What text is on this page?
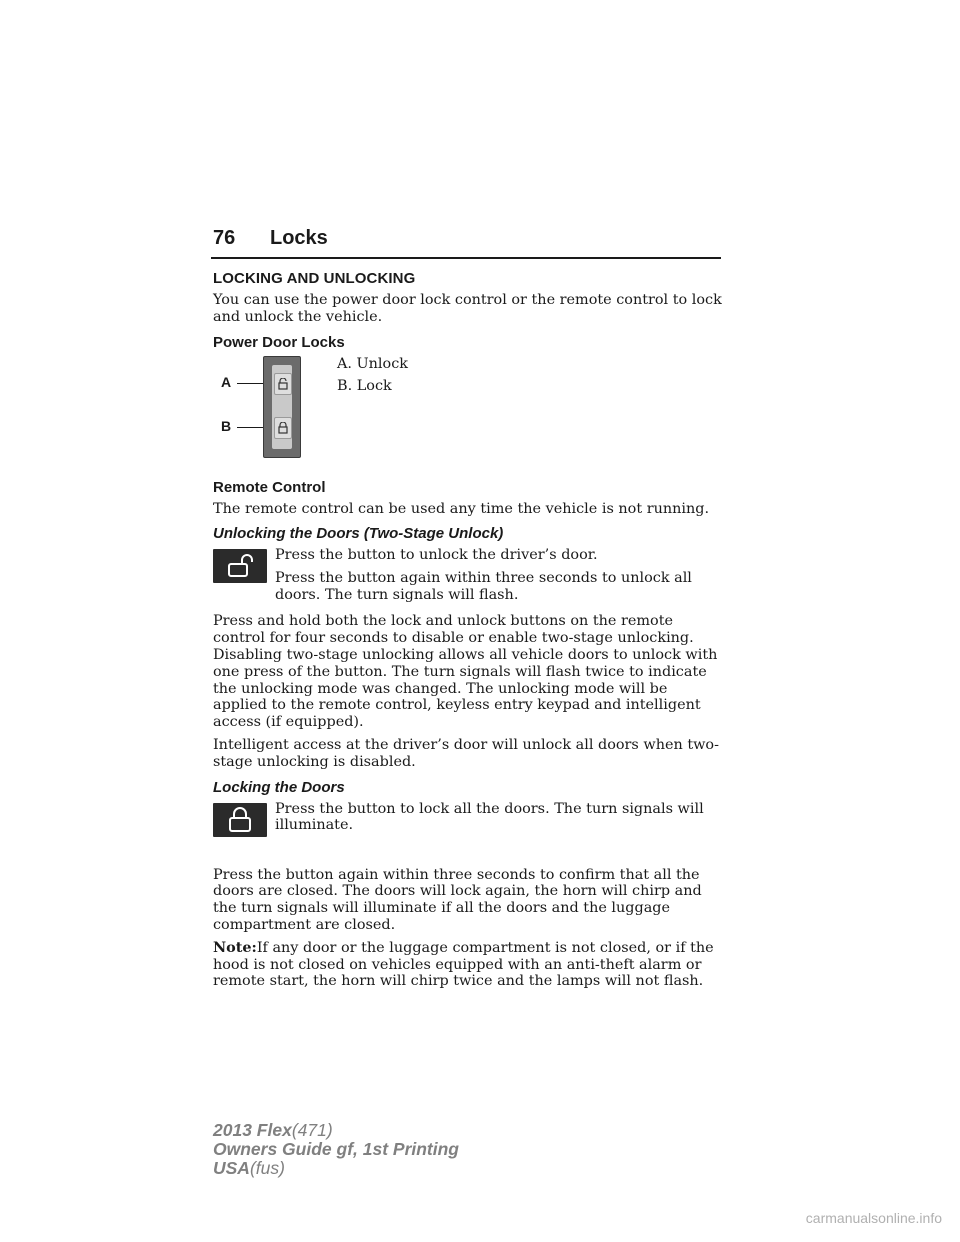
76 Locks
LOCKING AND UNLOCKING

You can use the power door lock control or the remote control to lock and unlock the vehicle.

Power Door Locks
A
B

A. Unlock

B. Lock

Remote Control

The remote control can be used any time the vehicle is not running.

Unlocking the Doors (Two-Stage Unlock)

Press the button to unlock the driver’s door.

Press the button again within three seconds to unlock all doors. The turn signals will flash.

Press and hold both the lock and unlock buttons on the remote control for four seconds to disable or enable two-stage unlocking. Disabling two-stage unlocking allows all vehicle doors to unlock with one press of the button. The turn signals will flash twice to indicate the unlocking mode was changed. The unlocking mode will be applied to the remote control, keyless entry keypad and intelligent access (if equipped).

Intelligent access at the driver’s door will unlock all doors when two-stage unlocking is disabled.

Locking the Doors

Press the button to lock all the doors. The turn signals will illuminate.

Press the button again within three seconds to confirm that all the doors are closed. The doors will lock again, the horn will chirp and the turn signals will illuminate if all the doors and the luggage compartment are closed.

Note:If any door or the luggage compartment is not closed, or if the hood is not closed on vehicles equipped with an anti-theft alarm or remote start, the horn will chirp twice and the lamps will not flash.

2013 Flex(471)
Owners Guide gf, 1st Printing
USA(fus)
carmanualsonline.info
